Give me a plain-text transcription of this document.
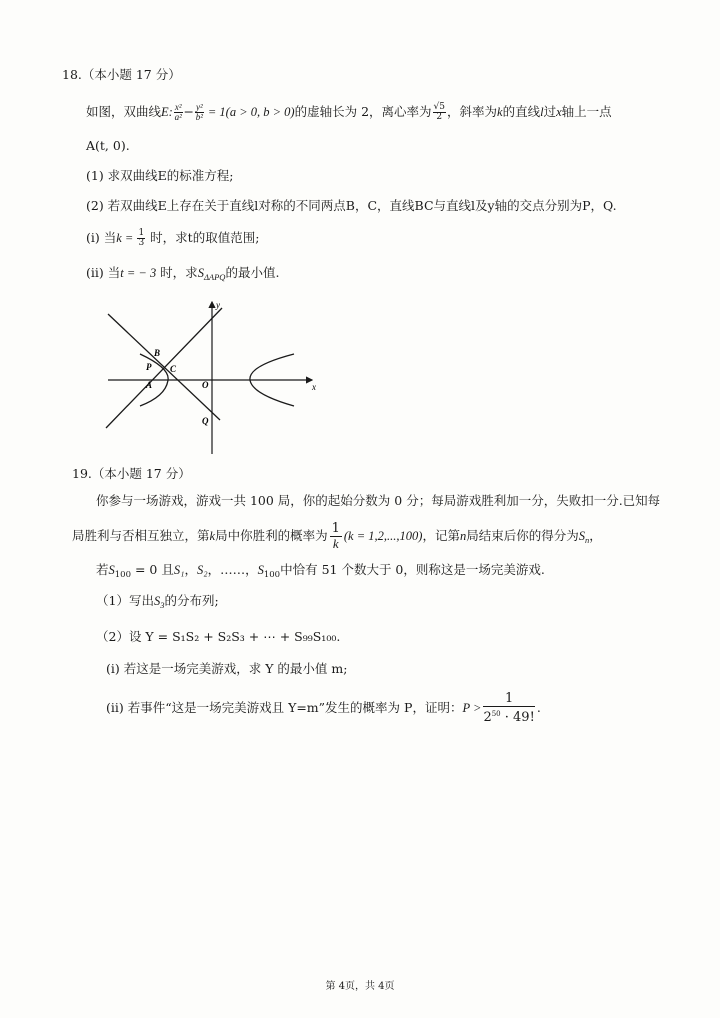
18.（本小题 17 分）
如图，双曲线E: $\frac{\text{x²}}{\text{a²}} - \frac{\text{y²}}{\text{b²}} = 1(a > 0$, b > 0)的虚轴长为 2，离心率为 $\frac{√5}{2}$ ，斜率为k的直线l过x轴上一点
A(t, 0).
(1) 求双曲线E的标准方程;
(2) 若双曲线E上存在关于直线l对称的不同两点B，C，直线BC与直线l及y轴的交点分别为P，Q.
(i) 当$k = \frac{1}{3}$ 时，求t的取值范围;
(ii) 当t = − 3 时，求$S_{\Delta APQ}$的最小值.
B
P C
A	O
Q
y
x
19.（本小题 17 分）
你参与一场游戏，游戏一共 100 局，你的起始分数为 0 分；每局游戏胜利加一分，失败扣一分.已知每
局胜利与否相互独立，第k局中你胜利的概率为 $\frac{1}{k} (k = 1,2,...,100)$，记第n局结束后你的得分为$S_n$，
若$S_{100} = 0$ 且S₁，S₂，……，$S_{100}$中恰有 51 个数大于 0，则称这是一场完美游戏.
（1）写出$S_3$的分布列;
（2）设 Y = S₁S₂ + S₂S₃ + ⋯ + S₉₉S₁₀₀.
(i) 若这是一场完美游戏，求 Y 的最小值 m;
(ii) 若事件“这是一场完美游戏且 Y=m”发生的概率为 P，证明：$P > \frac{1}{2^{50} \cdot 49!}$ .
第 4页，共 4页
